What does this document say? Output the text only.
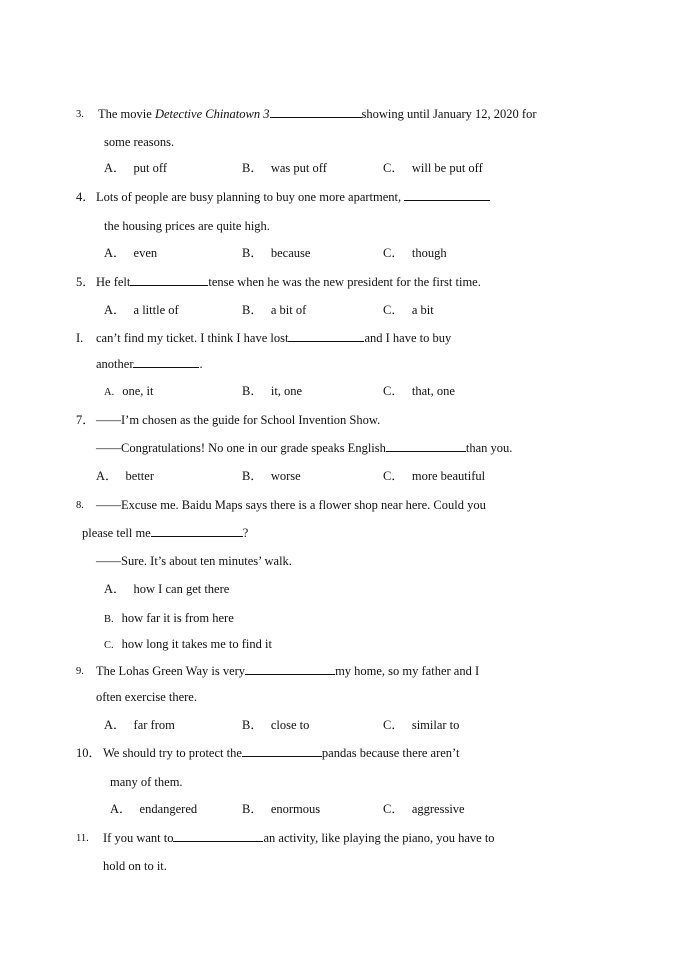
3. The movie Detective Chinatown 3	showing until January 12, 2020 for
some reasons.
A． put off	B． was put off	C． will be put off
4． Lots of people are busy planning to buy one more apartment,
the housing prices are quite high.
A． even	B． because	C． though
5． He felt	tense when he was the new president for the first time.
A． a little of	B． a bit of	C． a bit
I. can’t find my ticket. I think I have lost	and I have to buy
another	.
A. one, it	B． it, one	C． that, one
7． ——I’m chosen as the guide for School Invention Show.
——Congratulations! No one in our grade speaks English	than you.
A． better	B． worse	C． more beautiful
8. ——Excuse me. Baidu Maps says there is a flower shop near here. Could you
please tell me	?
——Sure. It’s about ten minutes’ walk.
A． how I can get there
B. how far it is from here
C. how long it takes me to find it
9. The Lohas Green Way is very	my home, so my father and I
often exercise there.
A． far from	B． close to	C． similar to
10． We should try to protect the	pandas because there aren’t
many of them.
A． endangered	B． enormous	C． aggressive
11. If you want to	an activity, like playing the piano, you have to
hold on to it.
